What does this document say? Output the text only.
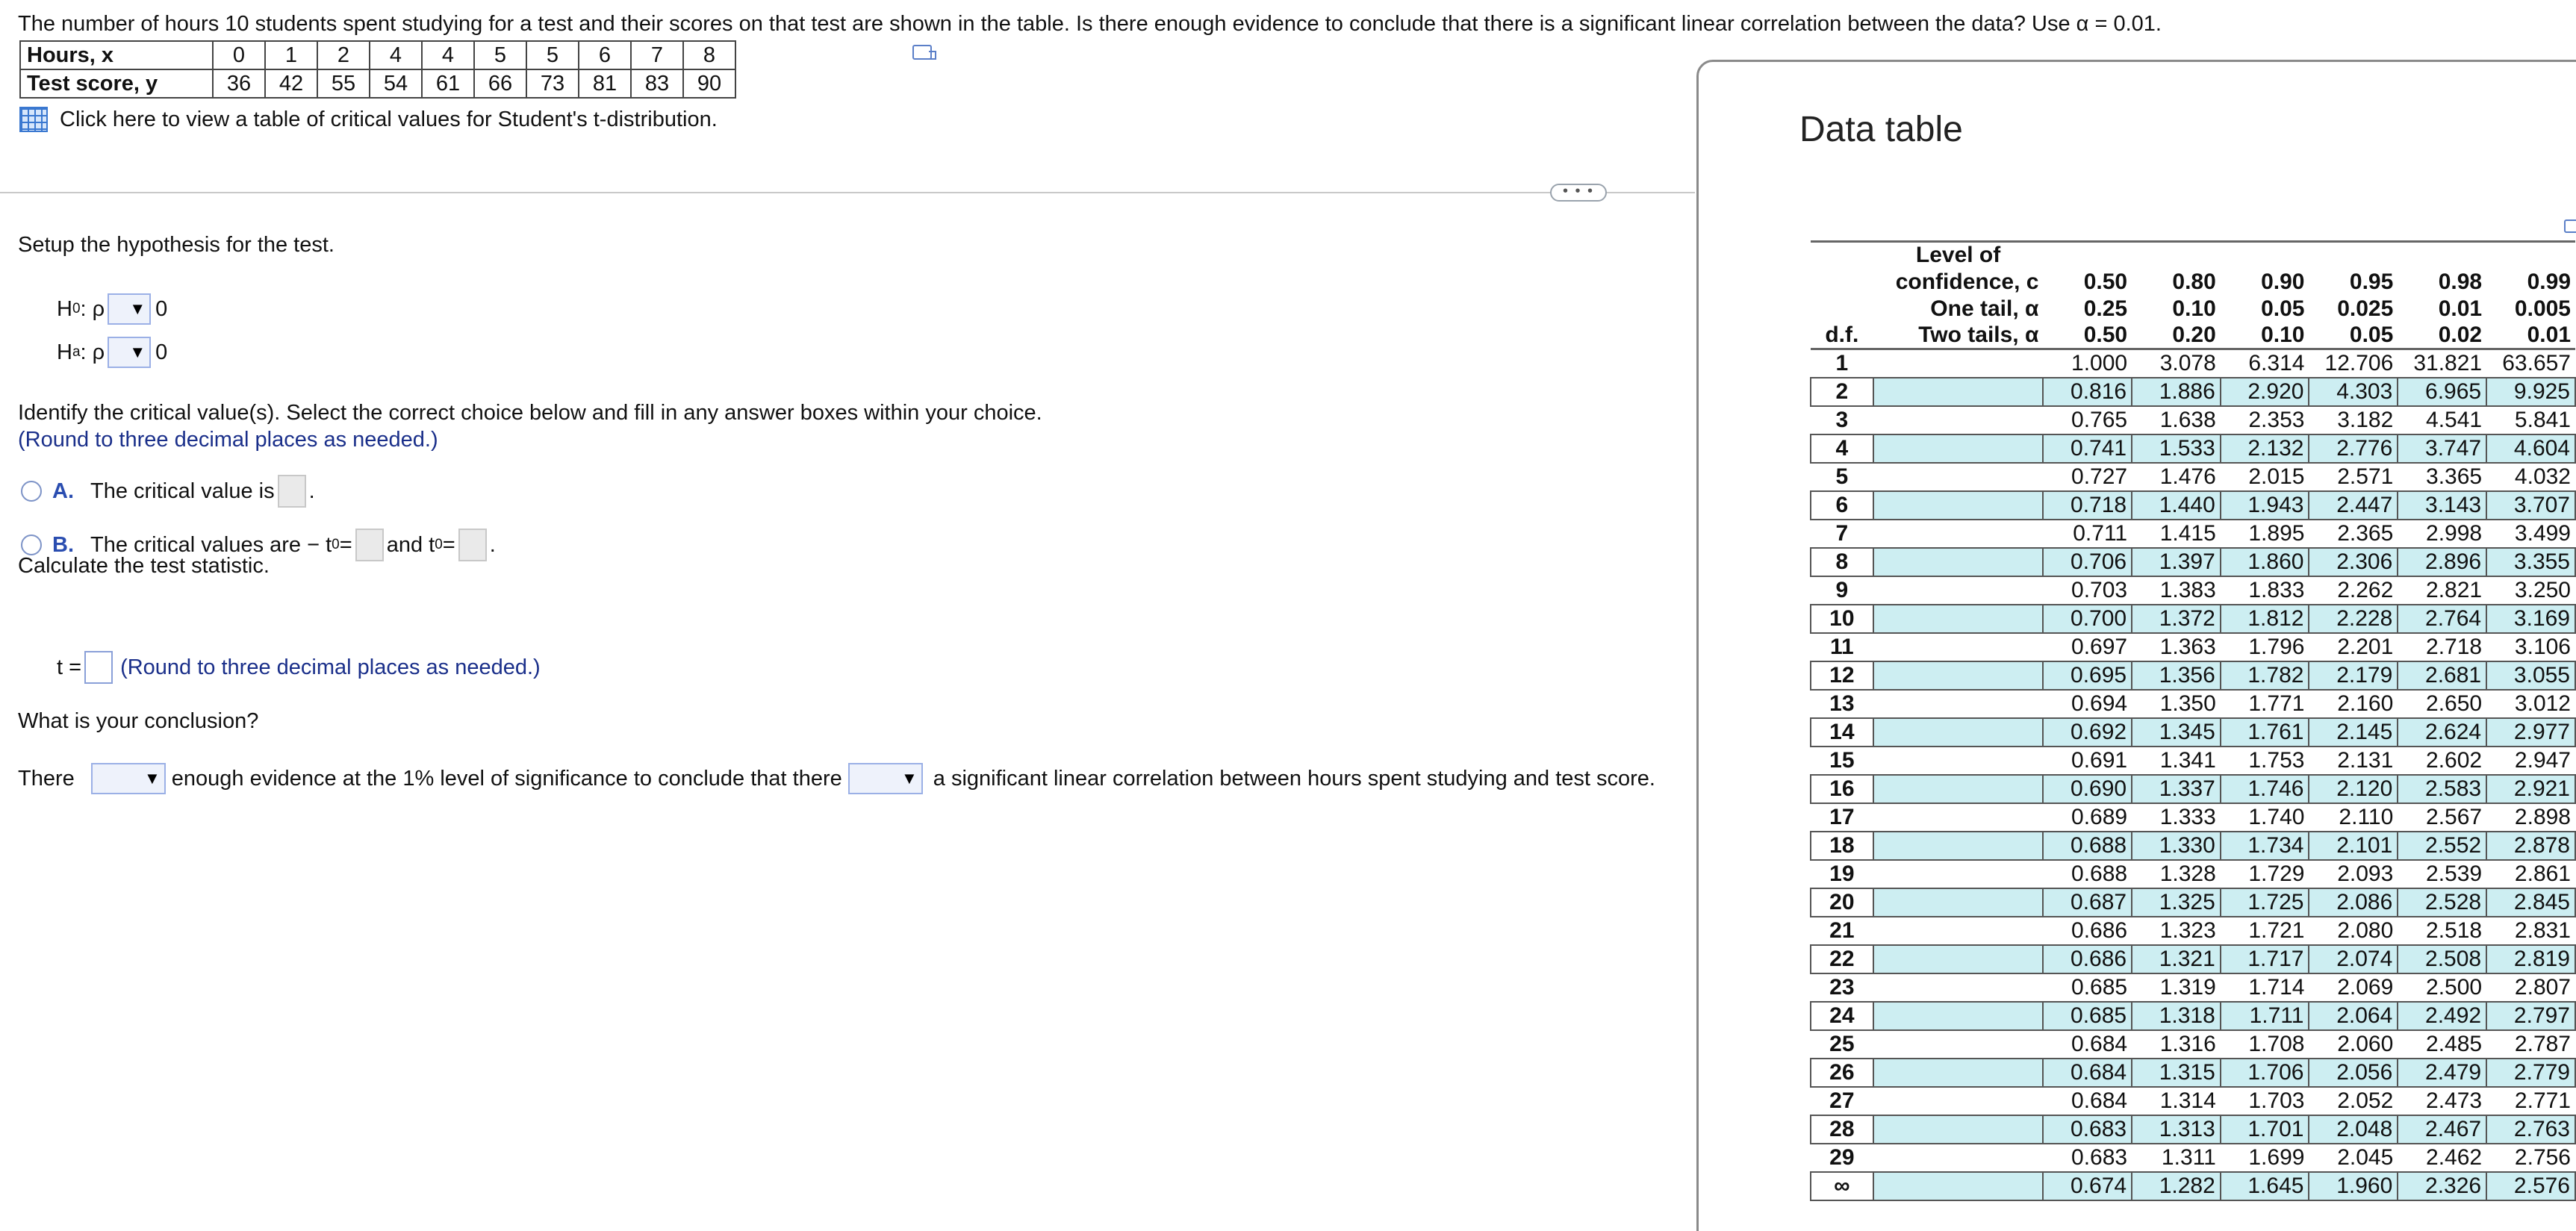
The number of hours 10 students spent studying for a test and their scores on that test are shown in the table. Is there enough evidence to conclude that there is a significant linear correlation between the data? Use α = 0.01.
Hours, x	0	1	2	4	4	5	5	6	7	8
Test score, y	36	42	55	54	61	66	73	81	83	90
Click here to view a table of critical values for Student's t-distribution.
• • •
Setup the hypothesis for the test.
H 0 : ρ ▼ 0
H a : ρ ▼ 0
Identify the critical value(s). Select the correct choice below and fill in any answer boxes within your choice.
(Round to three decimal places as needed.)
A. The critical value is .
B. The critical values are − t 0 = and t 0 = .
Calculate the test statistic.
t = (Round to three decimal places as needed.)
What is your conclusion?
There ▼	enough evidence at the 1% level of significance to conclude that there ▼	a significant linear correlation between hours spent studying and test score.
Data table
	Level of						
	confidence, c	0.50	0.80	0.90	0.95	0.98	0.99
	One tail, α	0.25	0.10	0.05	0.025	0.01	0.005
d.f.	Two tails, α	0.50	0.20	0.10	0.05	0.02	0.01
1		1.000	3.078	6.314	12.706	31.821	63.657
2		0.816	1.886	2.920	4.303	6.965	9.925
3		0.765	1.638	2.353	3.182	4.541	5.841
4		0.741	1.533	2.132	2.776	3.747	4.604
5		0.727	1.476	2.015	2.571	3.365	4.032
6		0.718	1.440	1.943	2.447	3.143	3.707
7		0.711	1.415	1.895	2.365	2.998	3.499
8		0.706	1.397	1.860	2.306	2.896	3.355
9		0.703	1.383	1.833	2.262	2.821	3.250
10		0.700	1.372	1.812	2.228	2.764	3.169
11		0.697	1.363	1.796	2.201	2.718	3.106
12		0.695	1.356	1.782	2.179	2.681	3.055
13		0.694	1.350	1.771	2.160	2.650	3.012
14		0.692	1.345	1.761	2.145	2.624	2.977
15		0.691	1.341	1.753	2.131	2.602	2.947
16		0.690	1.337	1.746	2.120	2.583	2.921
17		0.689	1.333	1.740	2.110	2.567	2.898
18		0.688	1.330	1.734	2.101	2.552	2.878
19		0.688	1.328	1.729	2.093	2.539	2.861
20		0.687	1.325	1.725	2.086	2.528	2.845
21		0.686	1.323	1.721	2.080	2.518	2.831
22		0.686	1.321	1.717	2.074	2.508	2.819
23		0.685	1.319	1.714	2.069	2.500	2.807
24		0.685	1.318	1.711	2.064	2.492	2.797
25		0.684	1.316	1.708	2.060	2.485	2.787
26		0.684	1.315	1.706	2.056	2.479	2.779
27		0.684	1.314	1.703	2.052	2.473	2.771
28		0.683	1.313	1.701	2.048	2.467	2.763
29		0.683	1.311	1.699	2.045	2.462	2.756
∞		0.674	1.282	1.645	1.960	2.326	2.576
